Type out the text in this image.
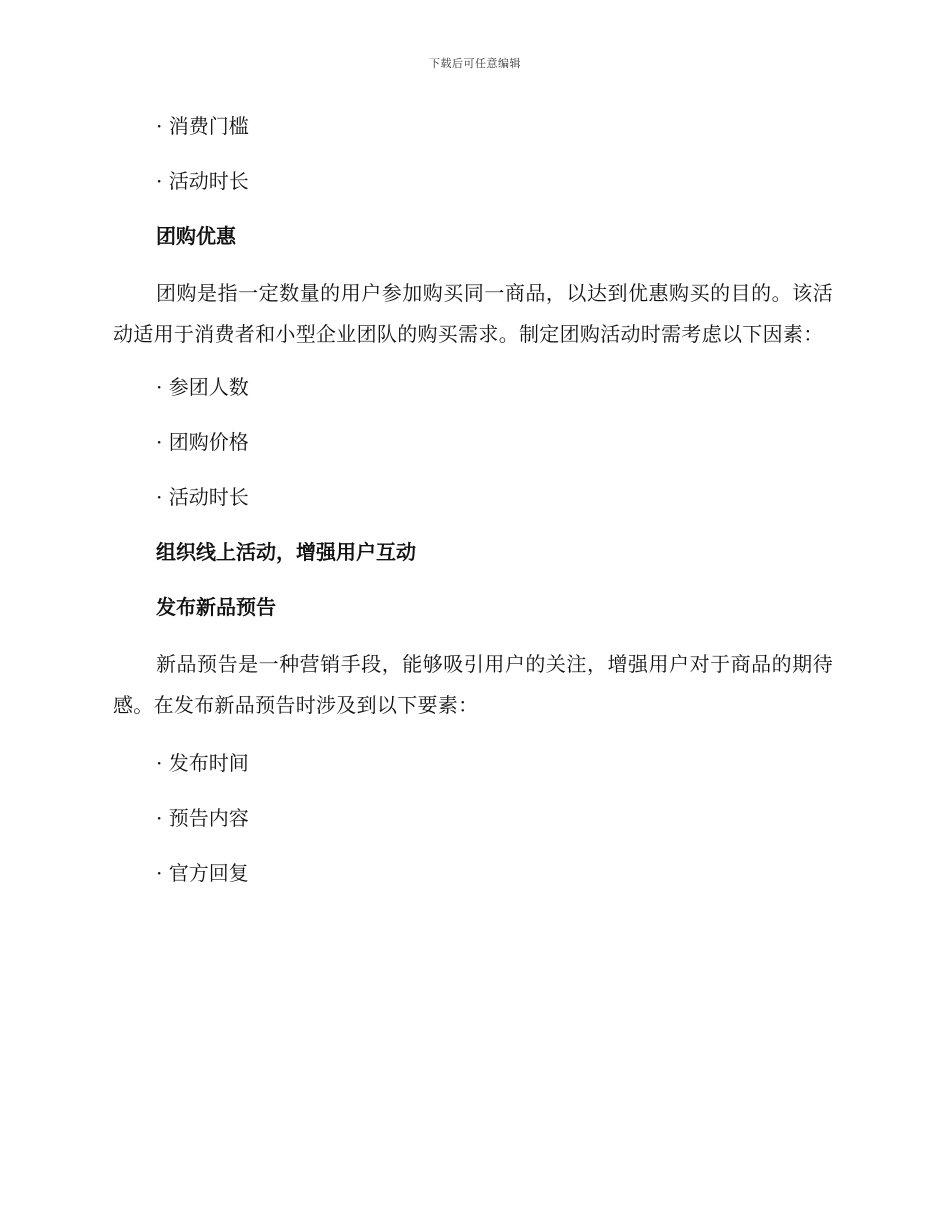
下载后可任意编辑
· 消费门槛
· 活动时长
团购优惠
团购是指一定数量的用户参加购买同一商品，以达到优惠购买的目的。该活动适用于消费者和小型企业团队的购买需求。制定团购活动时需考虑以下因素：
· 参团人数
· 团购价格
· 活动时长
组织线上活动，增强用户互动
发布新品预告
新品预告是一种营销手段，能够吸引用户的关注，增强用户对于商品的期待感。在发布新品预告时涉及到以下要素：
· 发布时间
· 预告内容
· 官方回复
